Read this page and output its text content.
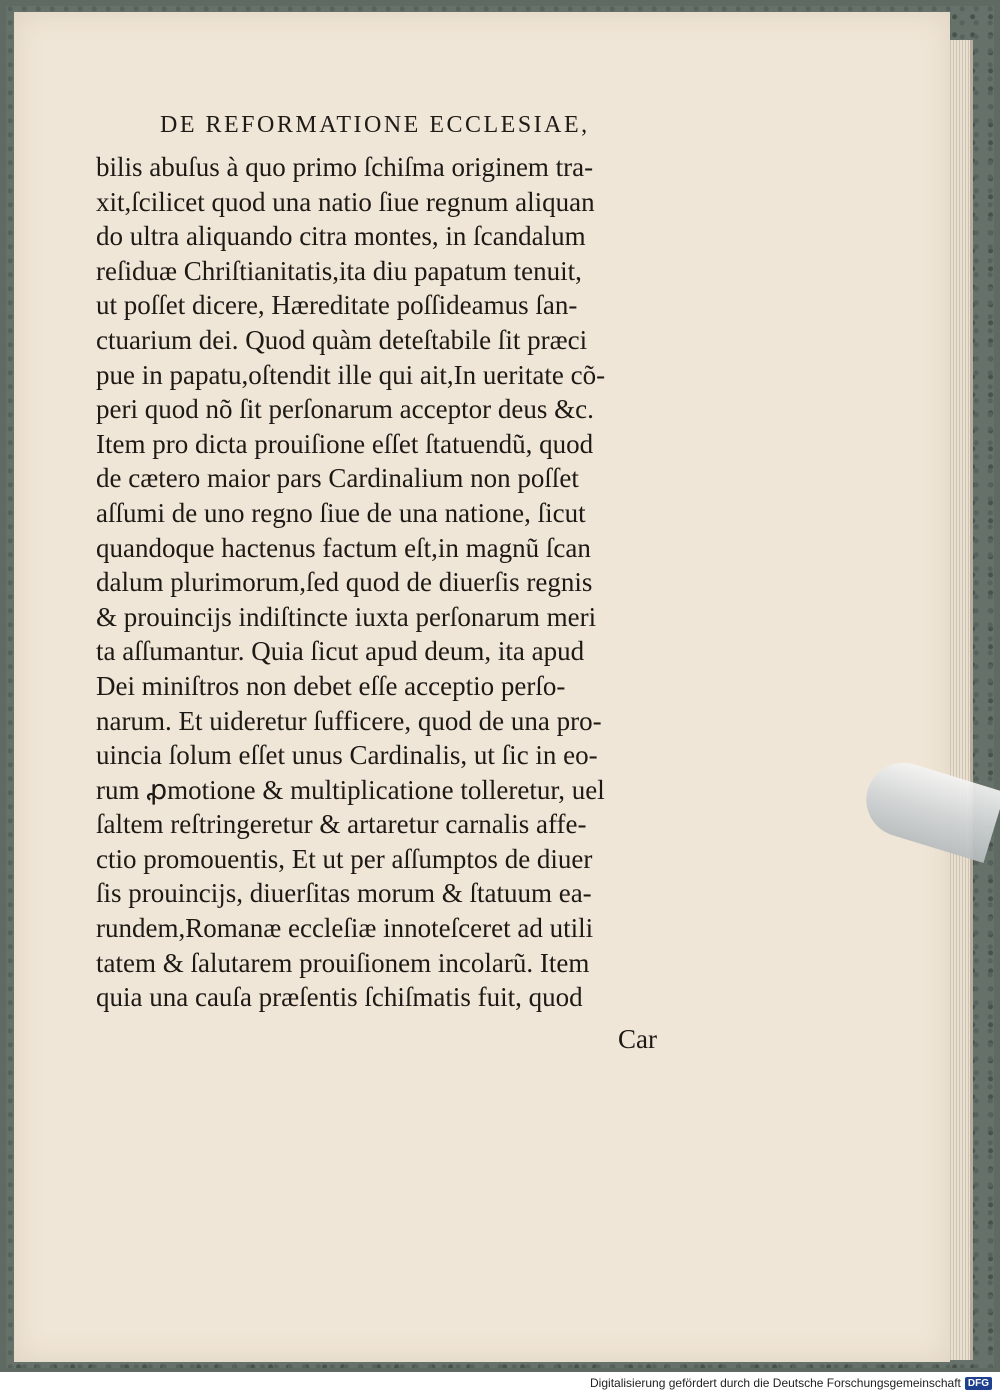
DE REFORMATIONE ECCLESIAE,
bilis abuſus à quo primo ſchiſma originem tra-
xit,ſcilicet quod una natio ſiue regnum aliquan
do ultra aliquando citra montes, in ſcandalum
reſiduæ Chriſtianitatis,ita diu papatum tenuit,
ut poſſet dicere, Hæreditate poſſideamus ſan-
ctuarium dei. Quod quàm deteſtabile ſit præci
pue in papatu,oſtendit ille qui ait,In ueritate cõ-
peri quod nõ ſit perſonarum acceptor deus &c.
Item pro dicta prouiſione eſſet ſtatuendũ, quod
de cætero maior pars Cardinalium non poſſet
aſſumi de uno regno ſiue de una natione, ſicut
quandoque hactenus factum eſt,in magnũ ſcan
dalum plurimorum,ſed quod de diuerſis regnis
& prouincijs indiſtincte iuxta perſonarum meri
ta aſſumantur. Quia ſicut apud deum, ita apud
Dei miniſtros non debet eſſe acceptio perſo-
narum. Et uideretur ſufficere, quod de una pro-
uincia ſolum eſſet unus Cardinalis, ut ſic in eo-
rum ꝓmotione & multiplicatione tolleretur, uel
ſaltem reſtringeretur & artaretur carnalis affe-
ctio promouentis, Et ut per aſſumptos de diuer
ſis prouincijs, diuerſitas morum & ſtatuum ea-
rundem,Romanæ eccleſiæ innoteſceret ad utili
tatem & ſalutarem prouiſionem incolarũ. Item
quia una cauſa præſentis ſchiſmatis fuit, quod
Car
Digitalisierung gefördert durch die Deutsche Forschungsgemeinschaft DFG
